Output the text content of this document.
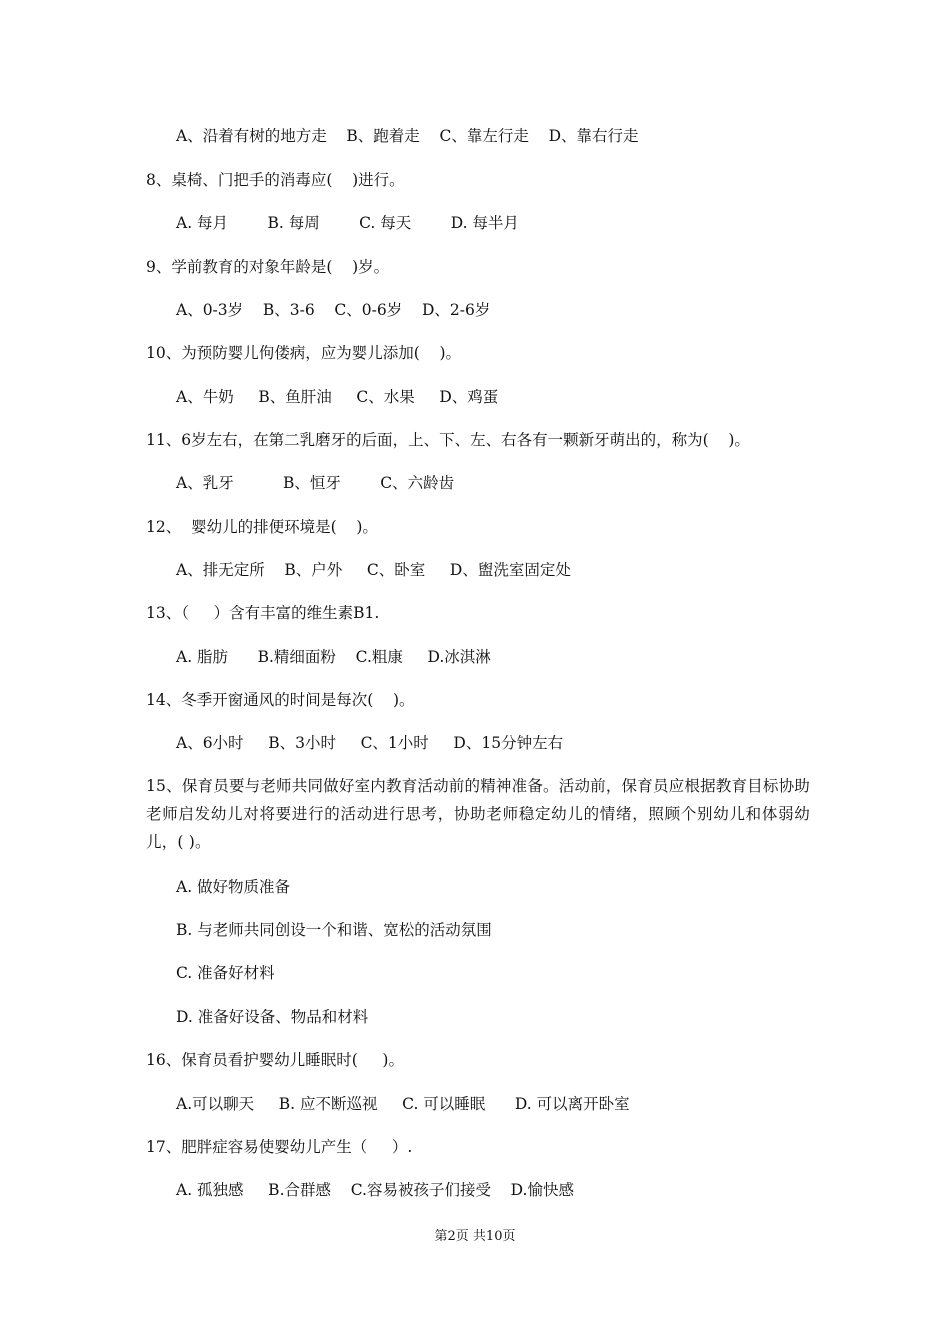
A、沿着有树的地方走    B、跑着走    C、靠左行走    D、靠右行走
8、桌椅、门把手的消毒应(    )进行。
A. 每月        B. 每周        C. 每天        D. 每半月
9、学前教育的对象年龄是(    )岁。
A、0-3岁    B、3-6    C、0-6岁    D、2-6岁
10、为预防婴儿佝偻病，应为婴儿添加(    )。
A、牛奶     B、鱼肝油     C、水果     D、鸡蛋
11、6岁左右，在第二乳磨牙的后面，上、下、左、右各有一颗新牙萌出的，称为(    )。
A、乳牙          B、恒牙        C、六龄齿
12、  婴幼儿的排便环境是(    )。
A、排无定所    B、户外     C、卧室     D、盥洗室固定处
13、（     ）含有丰富的维生素B1.
A. 脂肪      B.精细面粉    C.粗康     D.冰淇淋
14、冬季开窗通风的时间是每次(    )。
A、6小时     B、3小时     C、1小时     D、15分钟左右
15、保育员要与老师共同做好室内教育活动前的精神准备。活动前，保育员应根据教育目标协助老师启发幼儿对将要进行的活动进行思考，协助老师稳定幼儿的情绪，照顾个别幼儿和体弱幼儿，( )。
A. 做好物质准备
B. 与老师共同创设一个和谐、宽松的活动氛围
C. 准备好材料
D. 准备好设备、物品和材料
16、保育员看护婴幼儿睡眠时(     )。
A.可以聊天     B. 应不断巡视     C. 可以睡眠      D. 可以离开卧室
17、肥胖症容易使婴幼儿产生（     ）.
A. 孤独感     B.合群感    C.容易被孩子们接受    D.愉快感
第2页 共10页
